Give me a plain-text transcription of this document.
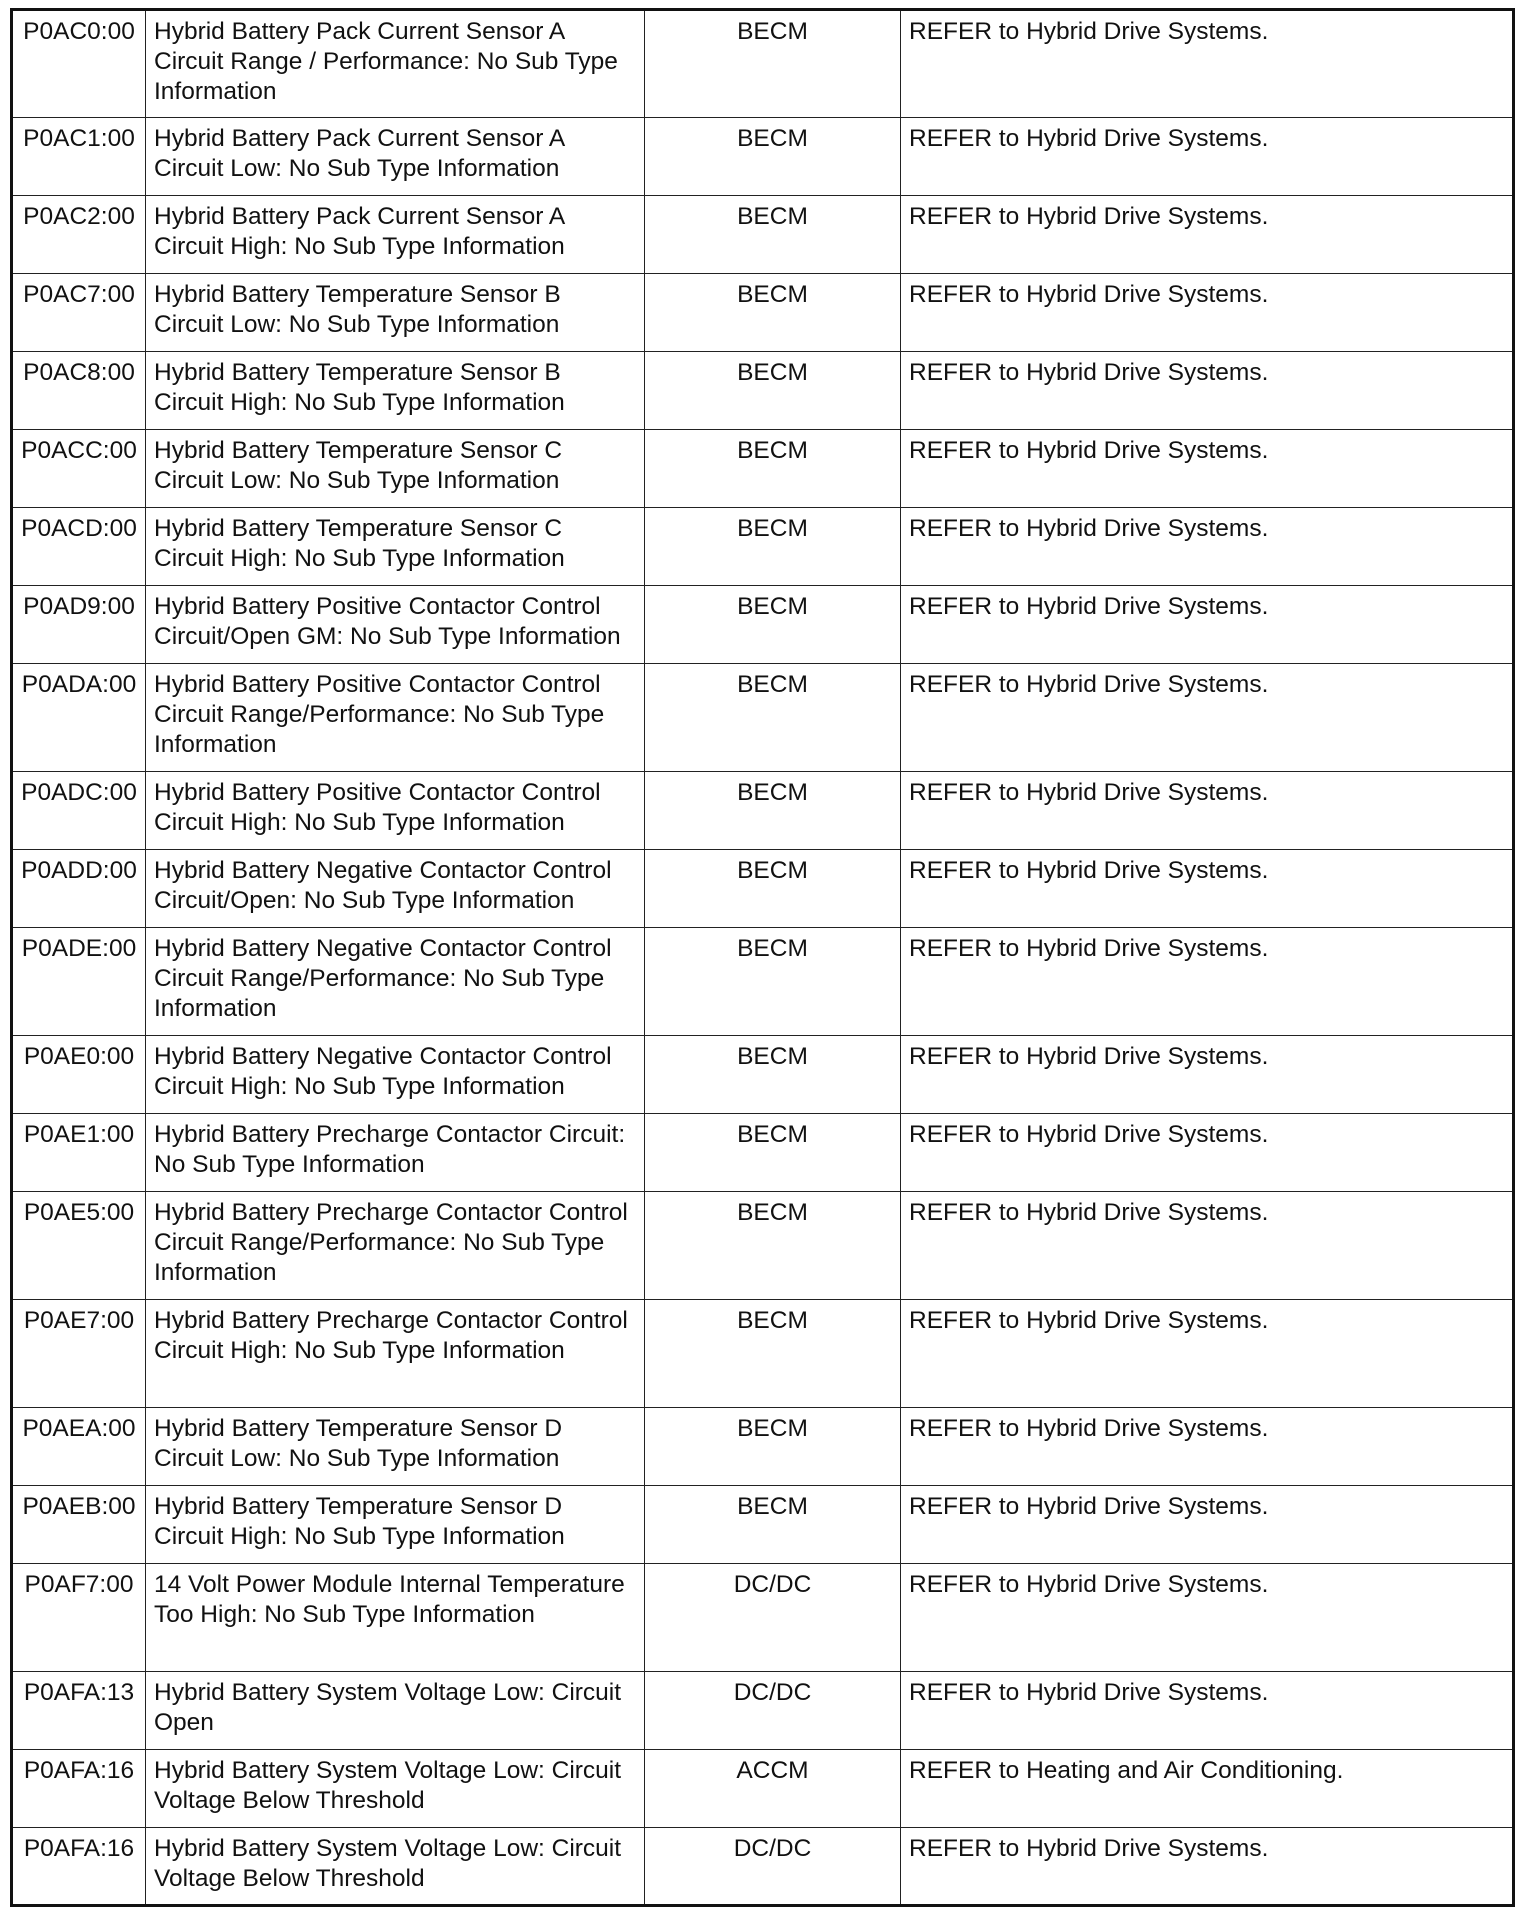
P0AC0:00	Hybrid Battery Pack Current Sensor A Circuit Range / Performance: No Sub Type Information	BECM	REFER to Hybrid Drive Systems.
P0AC1:00	Hybrid Battery Pack Current Sensor A Circuit Low: No Sub Type Information	BECM	REFER to Hybrid Drive Systems.
P0AC2:00	Hybrid Battery Pack Current Sensor A Circuit High: No Sub Type Information	BECM	REFER to Hybrid Drive Systems.
P0AC7:00	Hybrid Battery Temperature Sensor B Circuit Low: No Sub Type Information	BECM	REFER to Hybrid Drive Systems.
P0AC8:00	Hybrid Battery Temperature Sensor B Circuit High: No Sub Type Information	BECM	REFER to Hybrid Drive Systems.
P0ACC:00	Hybrid Battery Temperature Sensor C Circuit Low: No Sub Type Information	BECM	REFER to Hybrid Drive Systems.
P0ACD:00	Hybrid Battery Temperature Sensor C Circuit High: No Sub Type Information	BECM	REFER to Hybrid Drive Systems.
P0AD9:00	Hybrid Battery Positive Contactor Control Circuit/Open GM: No Sub Type Information	BECM	REFER to Hybrid Drive Systems.
P0ADA:00	Hybrid Battery Positive Contactor Control Circuit Range/Performance: No Sub Type Information	BECM	REFER to Hybrid Drive Systems.
P0ADC:00	Hybrid Battery Positive Contactor Control Circuit High: No Sub Type Information	BECM	REFER to Hybrid Drive Systems.
P0ADD:00	Hybrid Battery Negative Contactor Control Circuit/Open: No Sub Type Information	BECM	REFER to Hybrid Drive Systems.
P0ADE:00	Hybrid Battery Negative Contactor Control Circuit Range/Performance: No Sub Type Information	BECM	REFER to Hybrid Drive Systems.
P0AE0:00	Hybrid Battery Negative Contactor Control Circuit High: No Sub Type Information	BECM	REFER to Hybrid Drive Systems.
P0AE1:00	Hybrid Battery Precharge Contactor Circuit: No Sub Type Information	BECM	REFER to Hybrid Drive Systems.
P0AE5:00	Hybrid Battery Precharge Contactor Control Circuit Range/Performance: No Sub Type Information	BECM	REFER to Hybrid Drive Systems.
P0AE7:00	Hybrid Battery Precharge Contactor Control Circuit High: No Sub Type Information	BECM	REFER to Hybrid Drive Systems.
P0AEA:00	Hybrid Battery Temperature Sensor D Circuit Low: No Sub Type Information	BECM	REFER to Hybrid Drive Systems.
P0AEB:00	Hybrid Battery Temperature Sensor D Circuit High: No Sub Type Information	BECM	REFER to Hybrid Drive Systems.
P0AF7:00	14 Volt Power Module Internal Temperature Too High: No Sub Type Information	DC/DC	REFER to Hybrid Drive Systems.
P0AFA:13	Hybrid Battery System Voltage Low: Circuit Open	DC/DC	REFER to Hybrid Drive Systems.
P0AFA:16	Hybrid Battery System Voltage Low: Circuit Voltage Below Threshold	ACCM	REFER to Heating and Air Conditioning.
P0AFA:16	Hybrid Battery System Voltage Low: Circuit Voltage Below Threshold	DC/DC	REFER to Hybrid Drive Systems.
